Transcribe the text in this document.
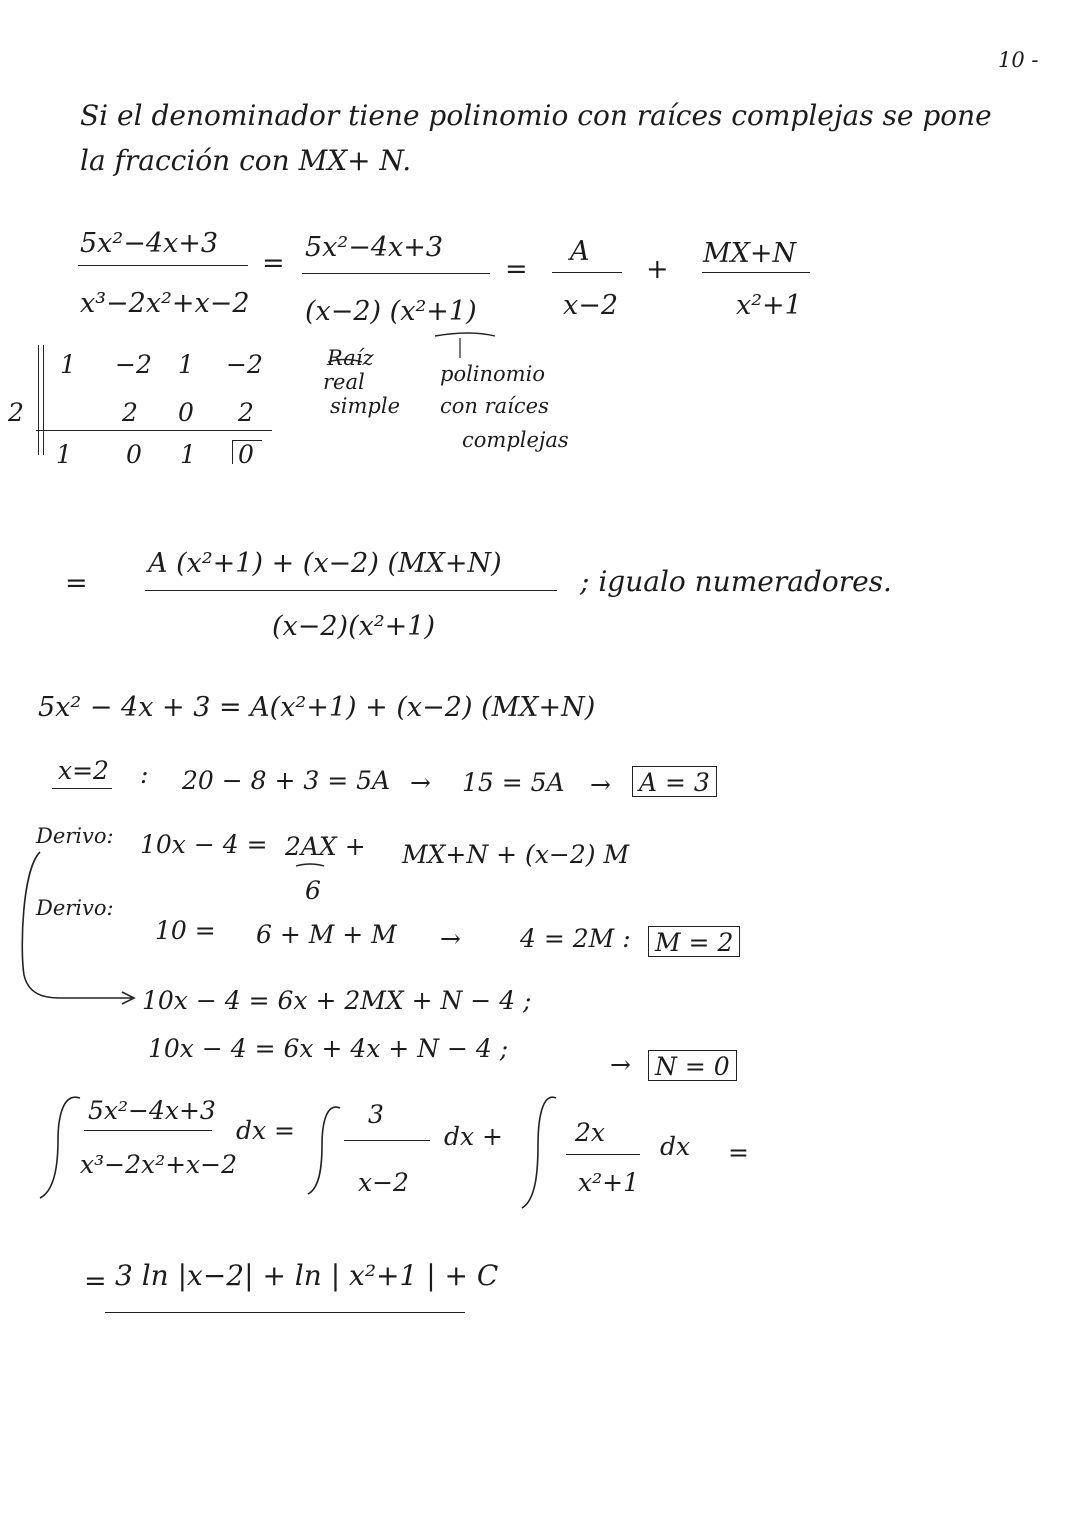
10 -
Si el denominador tiene polinomio con raíces complejas se pone
la fracción con MX+ N.
5x²−4x+3
x³−2x²+x−2
=
5x²−4x+3
(x−2) (x²+1)
=
A
x−2
+
MX+N
x²+1
Raíz
real
simple
polinomio
con raíces
complejas
2
1 −2 1 −2
2 0 2
1 0 1 0
=
A (x²+1) + (x−2) (MX+N)
(x−2)(x²+1)
; igualo numeradores.
5x² − 4x + 3 = A(x²+1) + (x−2) (MX+N)
x=2 : 20 − 8 + 3 = 5A → 15 = 5A → A = 3
Derivo: 10x − 4 = 2AX +
6
MX+N + (x−2) M
Derivo:
10 = 6 + M + M → 4 = 2M : M = 2
10x − 4 = 6x + 2MX + N − 4 ;
10x − 4 = 6x + 4x + N − 4 ;
→ N = 0
5x²−4x+3
x³−2x²+x−2
dx =
3
x−2
dx +	2x
x²+1
dx =
= 3 ln |x−2| + ln | x²+1 | + C
